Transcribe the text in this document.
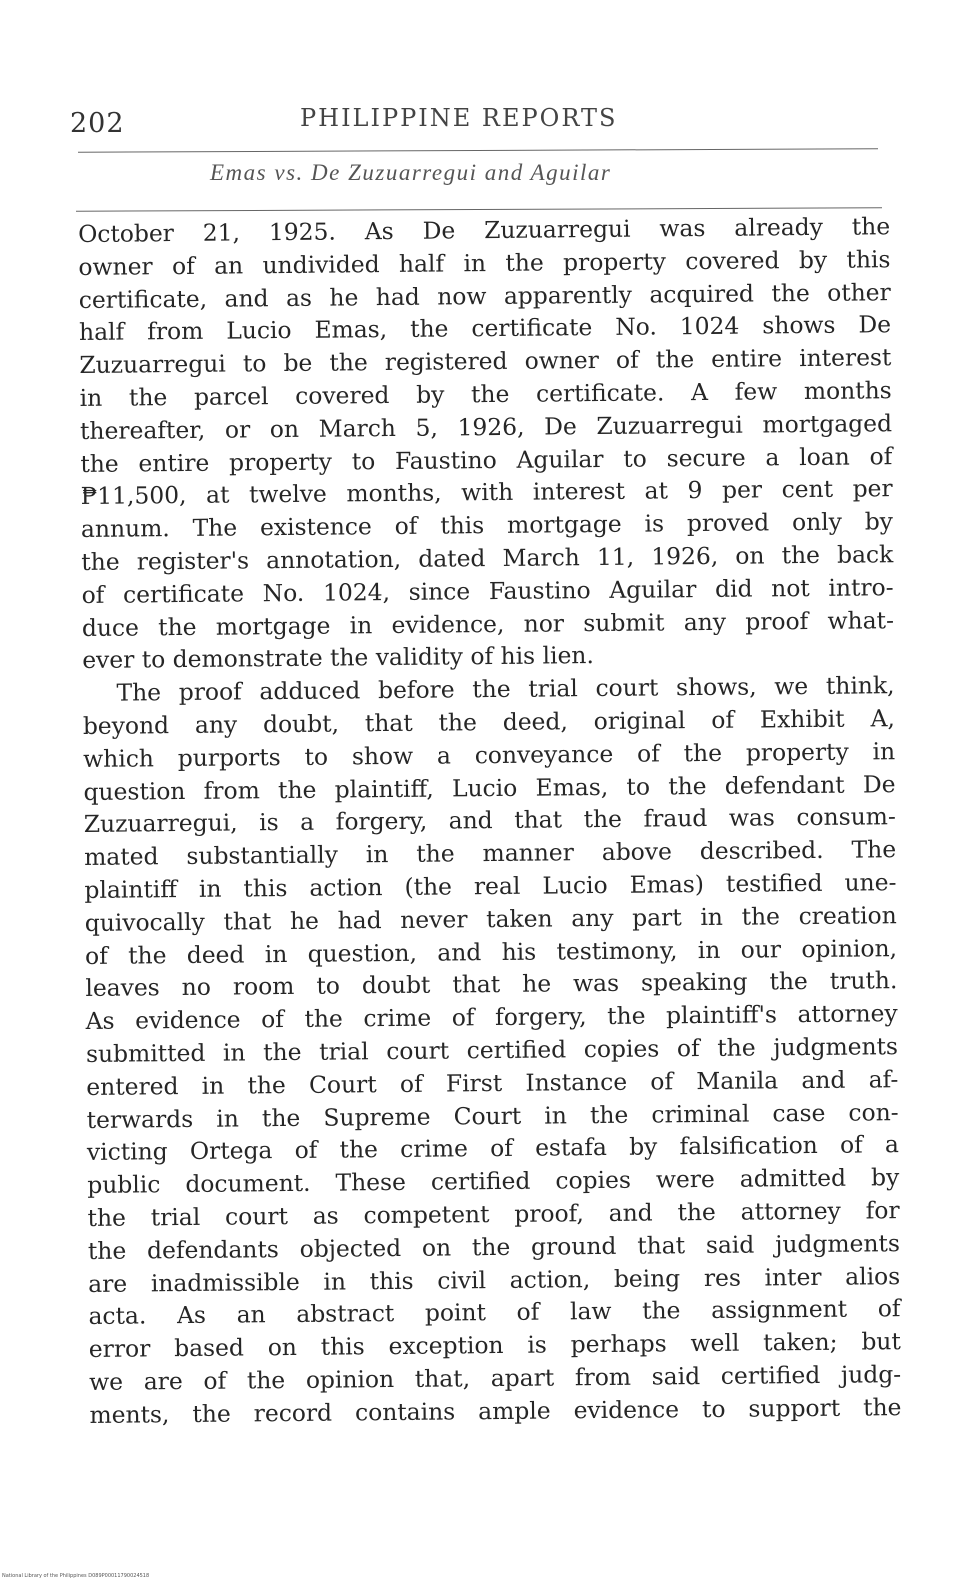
202	PHILIPPINE REPORTS
Emas vs. De Zuzuarregui and Aguilar
October 21, 1925. As De Zuzuarregui was already the
owner of an undivided half in the property covered by this
certificate, and as he had now apparently acquired the other
half from Lucio Emas, the certificate No. 1024 shows De
Zuzuarregui to be the registered owner of the entire interest
in the parcel covered by the certificate. A few months
thereafter, or on March 5, 1926, De Zuzuarregui mortgaged
the entire property to Faustino Aguilar to secure a loan of
₱11,500, at twelve months, with interest at 9 per cent per
annum. The existence of this mortgage is proved only by
the register's annotation, dated March 11, 1926, on the back
of certificate No. 1024, since Faustino Aguilar did not intro-
duce the mortgage in evidence, nor submit any proof what-
ever to demonstrate the validity of his lien.
The proof adduced before the trial court shows, we think,
beyond any doubt, that the deed, original of Exhibit A,
which purports to show a conveyance of the property in
question from the plaintiff, Lucio Emas, to the defendant De
Zuzuarregui, is a forgery, and that the fraud was consum-
mated substantially in the manner above described. The
plaintiff in this action (the real Lucio Emas) testified une-
quivocally that he had never taken any part in the creation
of the deed in question, and his testimony, in our opinion,
leaves no room to doubt that he was speaking the truth.
As evidence of the crime of forgery, the plaintiff's attorney
submitted in the trial court certified copies of the judgments
entered in the Court of First Instance of Manila and af-
terwards in the Supreme Court in the criminal case con-
victing Ortega of the crime of estafa by falsification of a
public document. These certified copies were admitted by
the trial court as competent proof, and the attorney for
the defendants objected on the ground that said judgments
are inadmissible in this civil action, being res inter alios
acta. As an abstract point of law the assignment of
error based on this exception is perhaps well taken; but
we are of the opinion that, apart from said certified judg-
ments, the record contains ample evidence to support the
National Library of the Philippines D089P00011790024518
